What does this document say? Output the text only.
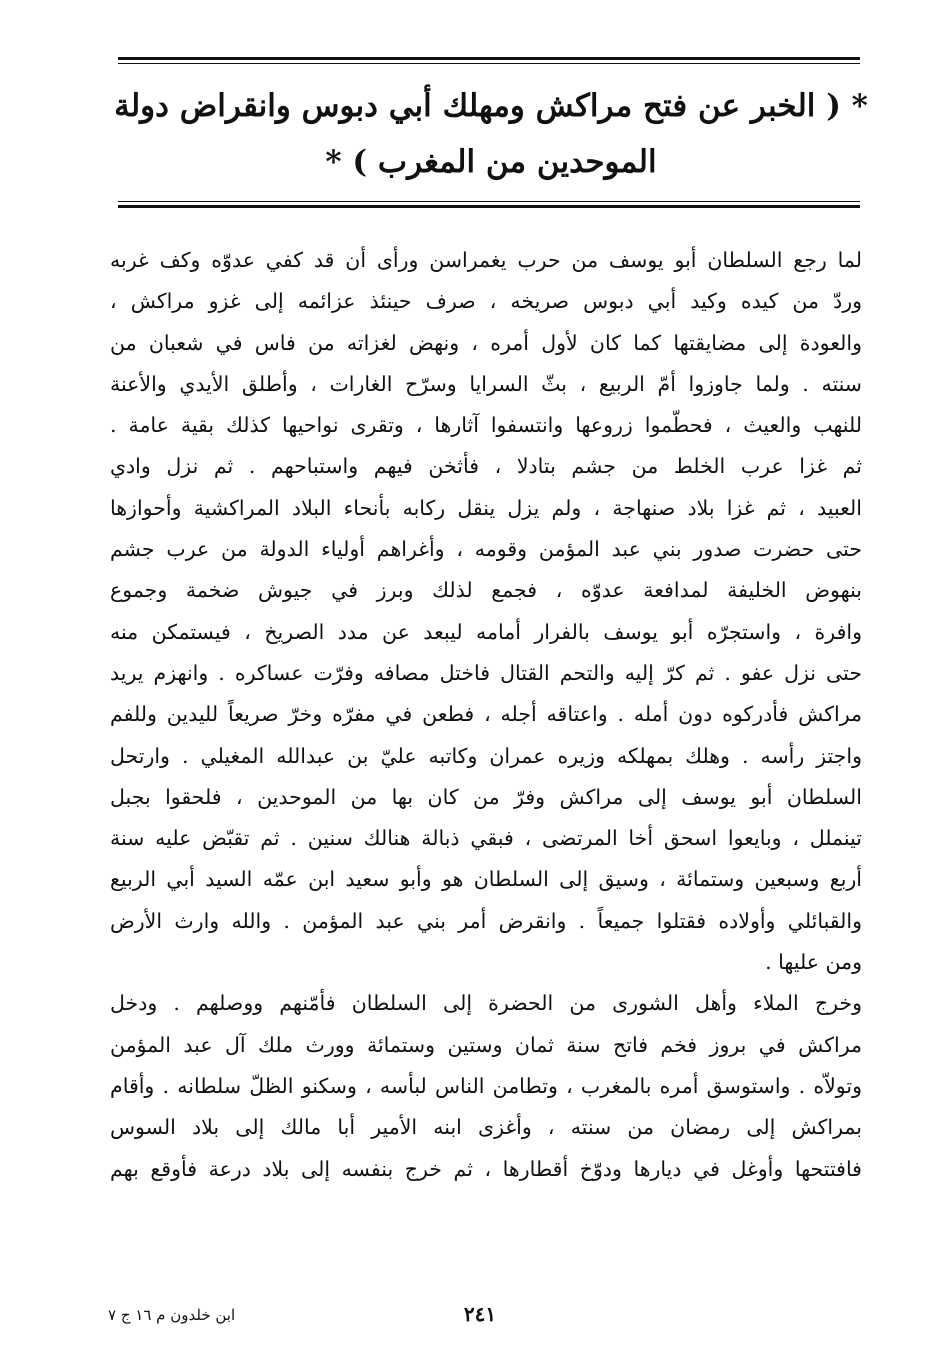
* ( الخبر عن فتح مراكش ومهلك أبي دبوس وانقراض دولة
الموحدين من المغرب ) *
لما رجع السلطان أبو يوسف من حرب يغمراسن ورأى أن قد كفي عدوّه وكف غربه
وردّ من كيده وكيد أبي دبوس صريخه ، صرف حينئذ عزائمه إلى غزو مراكش ،
والعودة إلى مضايقتها كما كان لأول أمره ، ونهض لغزاته من فاس في شعبان من
سنته . ولما جاوزوا أمّ الربيع ، بثّ السرايا وسرّح الغارات ، وأطلق الأيدي والأعنة
للنهب والعيث ، فحطّموا زروعها وانتسفوا آثارها ، وتقرى نواحيها كذلك بقية عامة .
ثم غزا عرب الخلط من جشم بتادلا ، فأثخن فيهم واستباحهم . ثم نزل وادي
العبيد ، ثم غزا بلاد صنهاجة ، ولم يزل ينقل ركابه بأنحاء البلاد المراكشية وأحوازها
حتى حضرت صدور بني عبد المؤمن وقومه ، وأغراهم أولياء الدولة من عرب جشم
بنهوض الخليفة لمدافعة عدوّه ، فجمع لذلك وبرز في جيوش ضخمة وجموع
وافرة ، واستجرّه أبو يوسف بالفرار أمامه ليبعد عن مدد الصريخ ، فيستمكن منه
حتى نزل عفو . ثم كرّ إليه والتحم القتال فاختل مصافه وفرّت عساكره . وانهزم يريد
مراكش فأدركوه دون أمله . واعتاقه أجله ، فطعن في مفرّه وخرّ صريعاً لليدين وللفم
واجتز رأسه . وهلك بمهلكه وزيره عمران وكاتبه عليّ بن عبدالله المغيلي . وارتحل
السلطان أبو يوسف إلى مراكش وفرّ من كان بها من الموحدين ، فلحقوا بجبل
تينملل ، وبايعوا اسحق أخا المرتضى ، فبقي ذبالة هنالك سنين . ثم تقبّض عليه سنة
أربع وسبعين وستمائة ، وسيق إلى السلطان هو وأبو سعيد ابن عمّه السيد أبي الربيع
والقبائلي وأولاده فقتلوا جميعاً . وانقرض أمر بني عبد المؤمن . والله وارث الأرض
ومن عليها .
وخرج الملاء وأهل الشورى من الحضرة إلى السلطان فأمّنهم ووصلهم . ودخل
مراكش في بروز فخم فاتح سنة ثمان وستين وستمائة وورث ملك آل عبد المؤمن
وتولاّه . واستوسق أمره بالمغرب ، وتطامن الناس لبأسه ، وسكنو الظلّ سلطانه . وأقام
بمراكش إلى رمضان من سنته ، وأغزى ابنه الأمير أبا مالك إلى بلاد السوس
فافتتحها وأوغل في ديارها ودوّخ أقطارها ، ثم خرج بنفسه إلى بلاد درعة فأوقع بهم
٢٤١
ابن خلدون م ١٦ ج ٧
